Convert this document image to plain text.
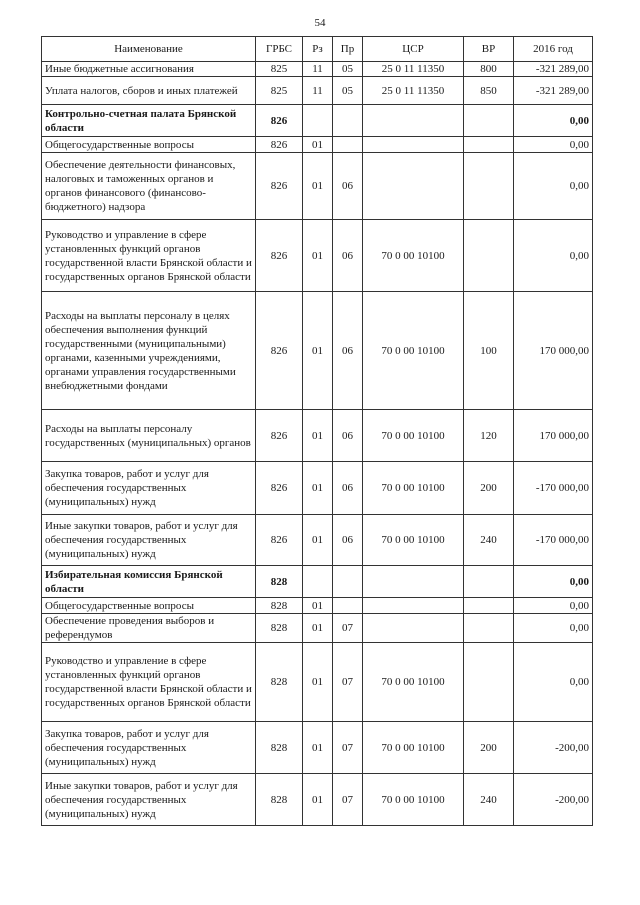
54
Наименование	ГРБС	Рз	Пр	ЦСР	ВР	2016 год
Иные бюджетные ассигнования	825	11	05	25 0 11 11350	800	-321 289,00
Уплата налогов, сборов и иных платежей	825	11	05	25 0 11 11350	850	-321 289,00
Контрольно-счетная палата Брянской области	826					0,00
Общегосударственные вопросы	826	01				0,00
Обеспечение деятельности финансовых, налоговых и таможенных органов и органов финансового (финансово-бюджетного) надзора	826	01	06			0,00
Руководство и управление в сфере установленных функций органов государственной власти Брянской области и государственных органов Брянской области	826	01	06	70 0 00 10100		0,00
Расходы на выплаты персоналу в целях обеспечения выполнения функций государственными (муниципальными) органами, казенными учреждениями, органами управления государственными внебюджетными фондами	826	01	06	70 0 00 10100	100	170 000,00
Расходы на выплаты персоналу государственных (муниципальных) органов	826	01	06	70 0 00 10100	120	170 000,00
Закупка товаров, работ и услуг для обеспечения государственных (муниципальных) нужд	826	01	06	70 0 00 10100	200	-170 000,00
Иные закупки товаров, работ и услуг для обеспечения государственных (муниципальных) нужд	826	01	06	70 0 00 10100	240	-170 000,00
Избирательная комиссия Брянской области	828					0,00
Общегосударственные вопросы	828	01				0,00
Обеспечение проведения выборов и референдумов	828	01	07			0,00
Руководство и управление в сфере установленных функций органов государственной власти Брянской области и государственных органов Брянской области	828	01	07	70 0 00 10100		0,00
Закупка товаров, работ и услуг для обеспечения государственных (муниципальных) нужд	828	01	07	70 0 00 10100	200	-200,00
Иные закупки товаров, работ и услуг для обеспечения государственных (муниципальных) нужд	828	01	07	70 0 00 10100	240	-200,00
